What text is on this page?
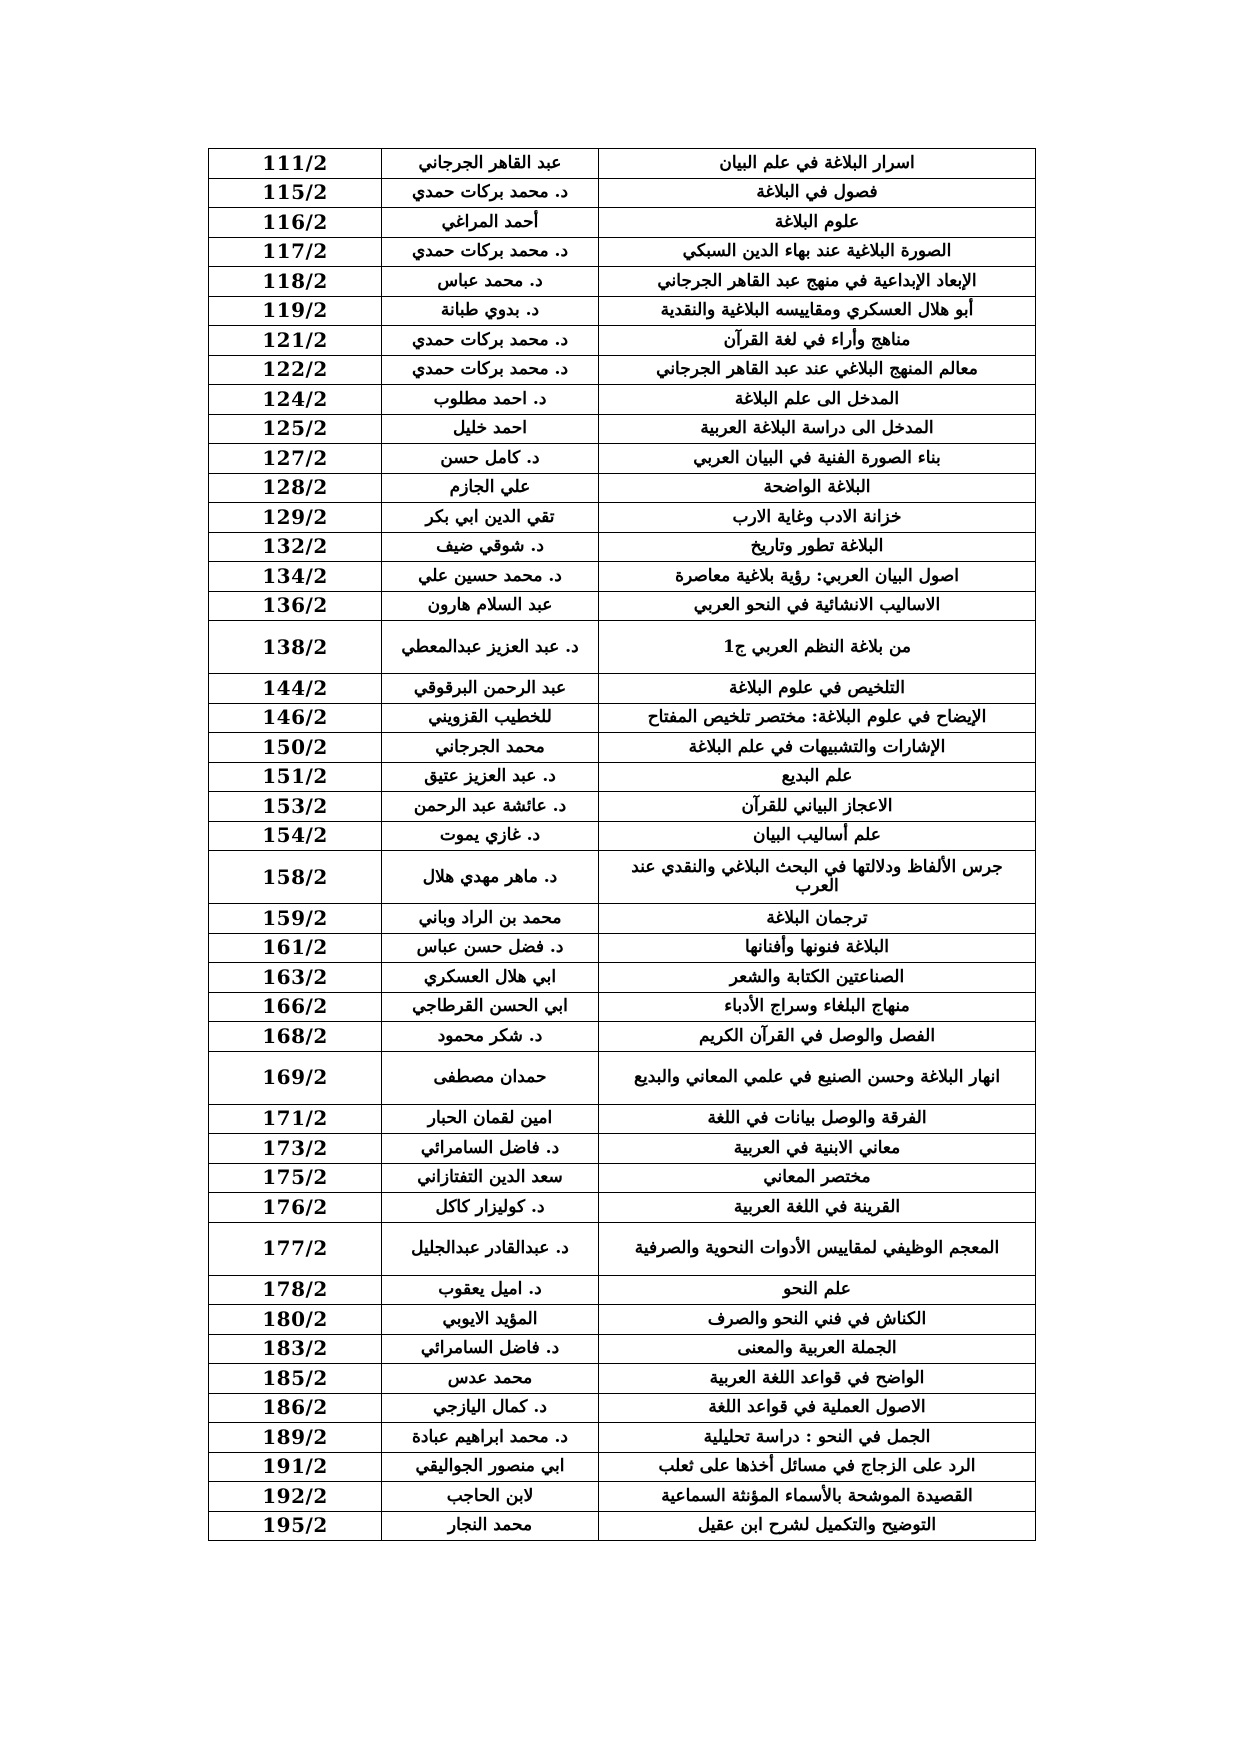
111/2	عبد القاهر الجرجاني	اسرار البلاغة في علم البيان
115/2	د. محمد بركات حمدي	فصول في البلاغة
116/2	أحمد المراغي	علوم البلاغة
117/2	د. محمد بركات حمدي	الصورة البلاغية عند بهاء الدين السبكي
118/2	د. محمد عباس	الإبعاد الإبداعية في منهج عبد القاهر الجرجاني
119/2	د. بدوي طبانة	أبو هلال العسكري ومقاييسه البلاغية والنقدية
121/2	د. محمد بركات حمدي	مناهج وأراء في لغة القرآن
122/2	د. محمد بركات حمدي	معالم المنهج البلاغي عند عبد القاهر الجرجاني
124/2	د. احمد مطلوب	المدخل الى علم البلاغة
125/2	احمد خليل	المدخل الى دراسة البلاغة العربية
127/2	د. كامل حسن	بناء الصورة الفنية في البيان العربي
128/2	علي الجازم	البلاغة الواضحة
129/2	تقي الدين ابي بكر	خزانة الادب وغاية الارب
132/2	د. شوقي ضيف	البلاغة تطور وتاريخ
134/2	د. محمد حسين علي	اصول البيان العربي: رؤية بلاغية معاصرة
136/2	عبد السلام هارون	الاساليب الانشائية في النحو العربي
138/2	د. عبد العزيز عبدالمعطي	من بلاغة النظم العربي ج1
144/2	عبد الرحمن البرقوقي	التلخيص في علوم البلاغة
146/2	للخطيب القزويني	الإيضاح في علوم البلاغة: مختصر تلخيص المفتاح
150/2	محمد الجرجاني	الإشارات والتشبيهات في علم البلاغة
151/2	د. عبد العزيز عتيق	علم البديع
153/2	د. عائشة عبد الرحمن	الاعجاز البياني للقرآن
154/2	د. غازي يموت	علم أساليب البيان
158/2	د. ماهر مهدي هلال	جرس الألفاظ ودلالتها في البحث البلاغي والنقدي عند العرب
159/2	محمد بن الراد وباني	ترجمان البلاغة
161/2	د. فضل حسن عباس	البلاغة فنونها وأفنانها
163/2	ابي هلال العسكري	الصناعتين الكتابة والشعر
166/2	ابي الحسن القرطاجي	منهاج البلغاء وسراج الأدباء
168/2	د. شكر محمود	الفصل والوصل في القرآن الكريم
169/2	حمدان مصطفى	انهار البلاغة وحسن الصنيع في علمي المعاني والبديع
171/2	امين لقمان الحبار	الفرقة والوصل بيانات في اللغة
173/2	د. فاضل السامرائي	معاني الابنية في العربية
175/2	سعد الدين التفتازاني	مختصر المعاني
176/2	د. كوليزار كاكل	القرينة في اللغة العربية
177/2	د. عبدالقادر عبدالجليل	المعجم الوظيفي لمقاييس الأدوات النحوية والصرفية
178/2	د. اميل يعقوب	علم النحو
180/2	المؤيد الايوبي	الكناش في فني النحو والصرف
183/2	د. فاضل السامرائي	الجملة العربية والمعنى
185/2	محمد عدس	الواضح في قواعد اللغة العربية
186/2	د. كمال اليازجي	الاصول العملية في قواعد اللغة
189/2	د. محمد ابراهيم عبادة	الجمل في النحو : دراسة تحليلية
191/2	ابي منصور الجواليقي	الرد على الزجاج في مسائل أخذها على ثعلب
192/2	لابن الحاجب	القصيدة الموشحة بالأسماء المؤنثة السماعية
195/2	محمد النجار	التوضيح والتكميل لشرح ابن عقيل
